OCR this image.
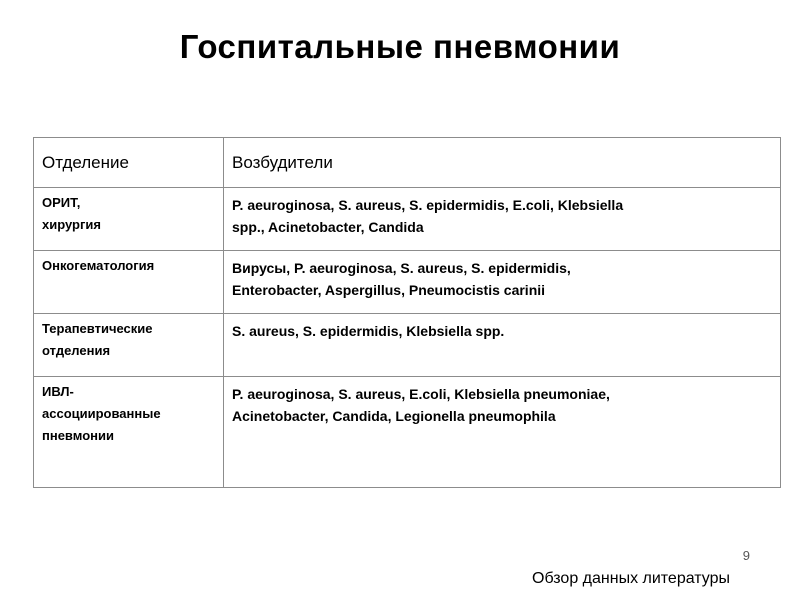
Госпитальные пневмонии
Отделение	Возбудители
ОРИТ,
хирургия	P. aeuroginosa, S. aureus, S. epidermidis, E.coli, Klebsiella
spp., Acinetobacter, Candida
Онкогематология	Вирусы, P. aeuroginosa, S. aureus, S. epidermidis,
Enterobacter, Aspergillus, Pneumocistis carinii
Терапевтические
отделения	S. aureus, S. epidermidis, Klebsiella spp.
ИВЛ-
ассоциированные
пневмонии	P. aeuroginosa, S. aureus, E.coli, Klebsiella pneumoniae,
Acinetobacter, Candida, Legionella pneumophila
9
Обзор данных литературы
